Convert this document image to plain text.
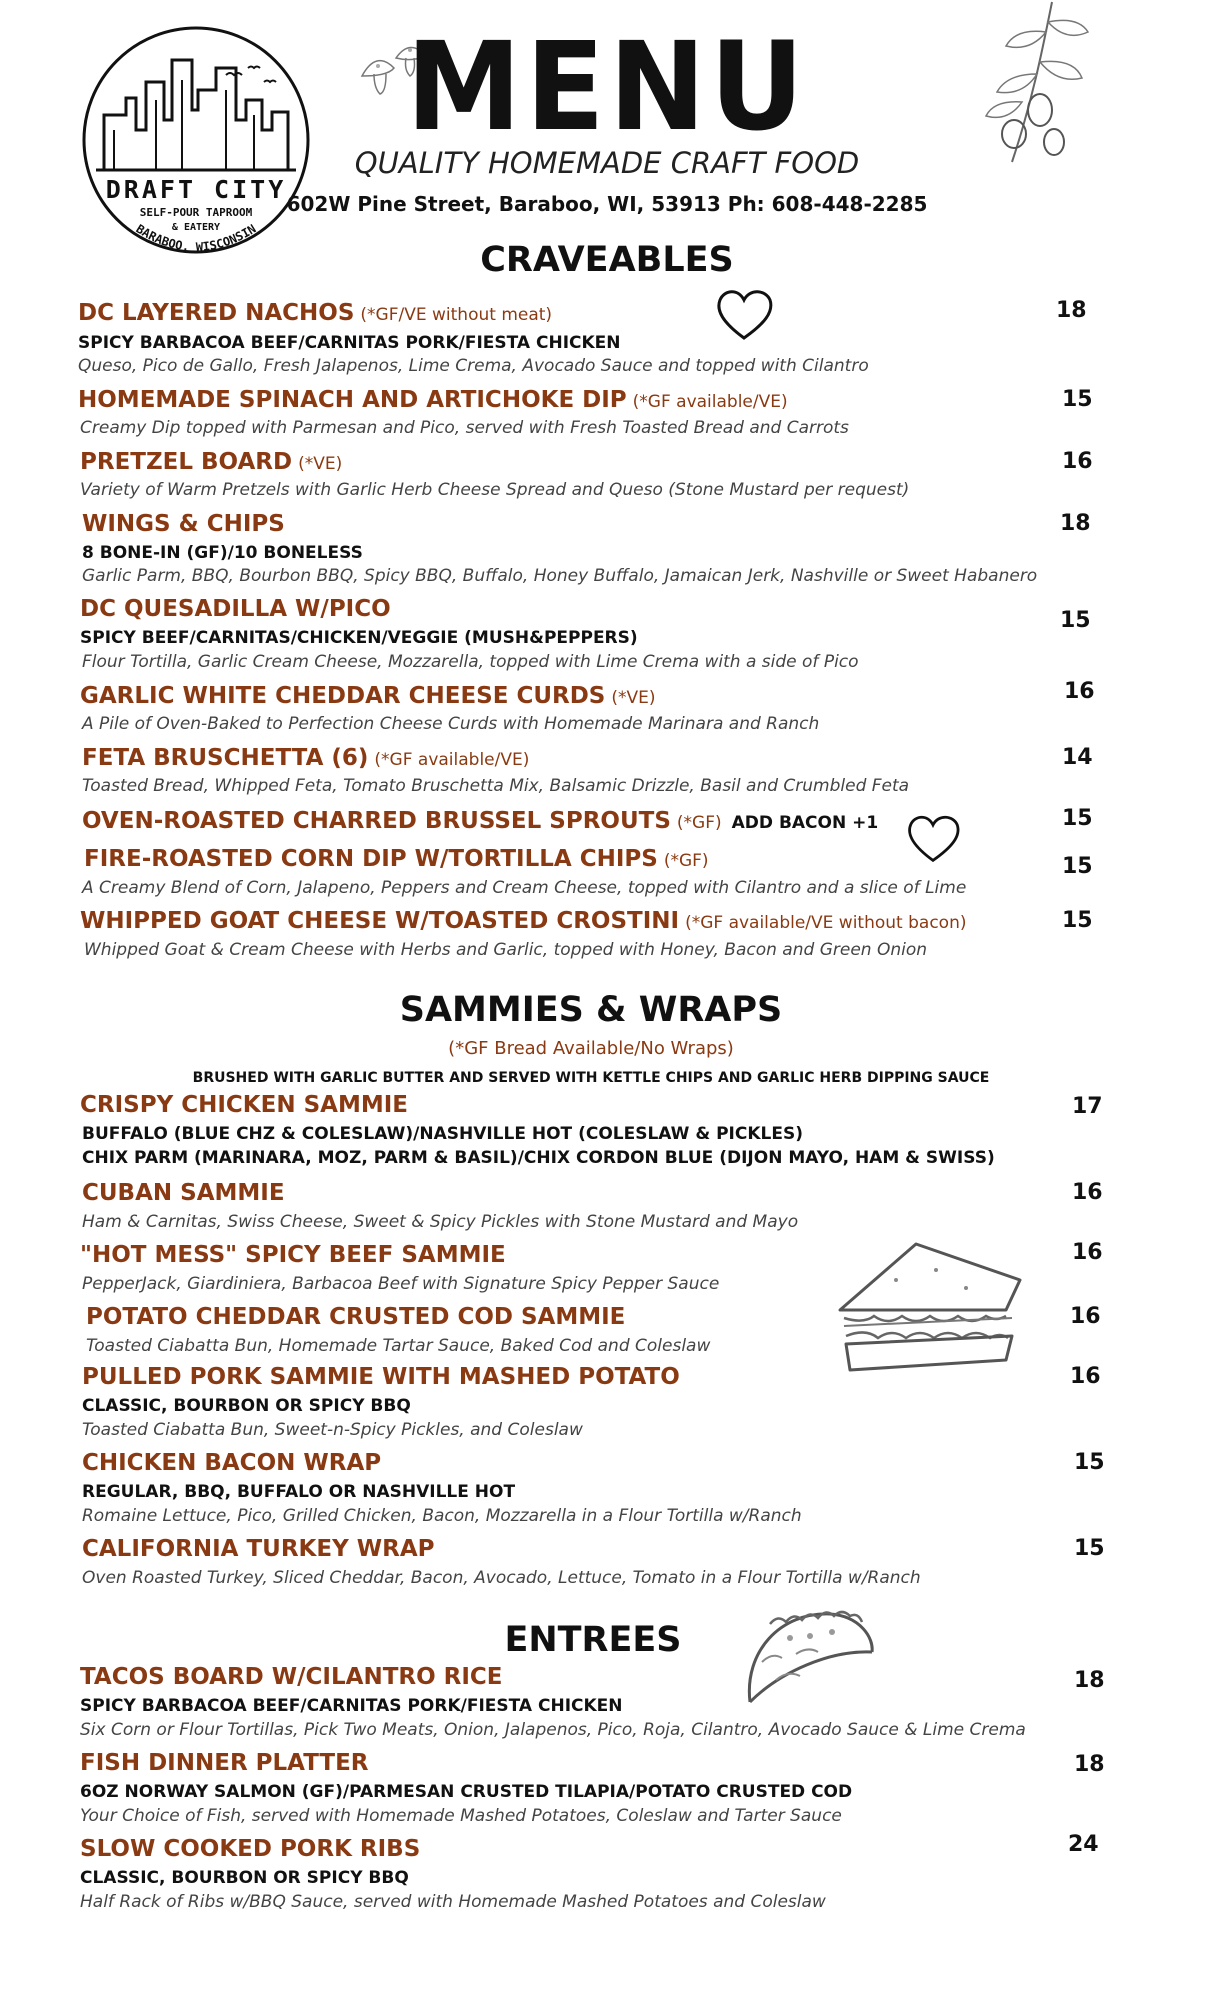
DRAFT CITY
SELF-POUR TAPROOM
& EATERY
BARABOO, WISCONSIN
MENU
QUALITY HOMEMADE CRAFT FOOD
602W Pine Street, Baraboo, WI, 53913 Ph: 608-448-2285
CRAVEABLES
DC LAYERED NACHOS (*GF/VE without meat)	18
SPICY BARBACOA BEEF/CARNITAS PORK/FIESTA CHICKEN
Queso, Pico de Gallo, Fresh Jalapenos, Lime Crema, Avocado Sauce and topped with Cilantro
HOMEMADE SPINACH AND ARTICHOKE DIP (*GF available/VE)	15
Creamy Dip topped with Parmesan and Pico, served with Fresh Toasted Bread and Carrots
PRETZEL BOARD (*VE)	16
Variety of Warm Pretzels with Garlic Herb Cheese Spread and Queso (Stone Mustard per request)
WINGS & CHIPS	18
8 BONE-IN (GF)/10 BONELESS
Garlic Parm, BBQ, Bourbon BBQ, Spicy BBQ, Buffalo, Honey Buffalo, Jamaican Jerk, Nashville or Sweet Habanero
DC QUESADILLA W/PICO	15
SPICY BEEF/CARNITAS/CHICKEN/VEGGIE (MUSH&PEPPERS)
Flour Tortilla, Garlic Cream Cheese, Mozzarella, topped with Lime Crema with a side of Pico
GARLIC WHITE CHEDDAR CHEESE CURDS (*VE)	16
A Pile of Oven-Baked to Perfection Cheese Curds with Homemade Marinara and Ranch
FETA BRUSCHETTA (6) (*GF available/VE)	14
Toasted Bread, Whipped Feta, Tomato Bruschetta Mix, Balsamic Drizzle, Basil and Crumbled Feta
OVEN-ROASTED CHARRED BRUSSEL SPROUTS (*GF) ADD BACON +1	15
FIRE-ROASTED CORN DIP W/TORTILLA CHIPS (*GF)	15
A Creamy Blend of Corn, Jalapeno, Peppers and Cream Cheese, topped with Cilantro and a slice of Lime
WHIPPED GOAT CHEESE W/TOASTED CROSTINI (*GF available/VE without bacon)	15
Whipped Goat & Cream Cheese with Herbs and Garlic, topped with Honey, Bacon and Green Onion
SAMMIES & WRAPS
(*GF Bread Available/No Wraps)
BRUSHED WITH GARLIC BUTTER AND SERVED WITH KETTLE CHIPS AND GARLIC HERB DIPPING SAUCE
CRISPY CHICKEN SAMMIE	17
BUFFALO (BLUE CHZ & COLESLAW)/NASHVILLE HOT (COLESLAW & PICKLES)
CHIX PARM (MARINARA, MOZ, PARM & BASIL)/CHIX CORDON BLUE (DIJON MAYO, HAM & SWISS)
CUBAN SAMMIE	16
Ham & Carnitas, Swiss Cheese, Sweet & Spicy Pickles with Stone Mustard and Mayo
"HOT MESS" SPICY BEEF SAMMIE	16
PepperJack, Giardiniera, Barbacoa Beef with Signature Spicy Pepper Sauce
POTATO CHEDDAR CRUSTED COD SAMMIE	16
Toasted Ciabatta Bun, Homemade Tartar Sauce, Baked Cod and Coleslaw
PULLED PORK SAMMIE WITH MASHED POTATO	16
CLASSIC, BOURBON OR SPICY BBQ
Toasted Ciabatta Bun, Sweet-n-Spicy Pickles, and Coleslaw
CHICKEN BACON WRAP	15
REGULAR, BBQ, BUFFALO OR NASHVILLE HOT
Romaine Lettuce, Pico, Grilled Chicken, Bacon, Mozzarella in a Flour Tortilla w/Ranch
CALIFORNIA TURKEY WRAP	15
Oven Roasted Turkey, Sliced Cheddar, Bacon, Avocado, Lettuce, Tomato in a Flour Tortilla w/Ranch
ENTREES
TACOS BOARD W/CILANTRO RICE	18
SPICY BARBACOA BEEF/CARNITAS PORK/FIESTA CHICKEN
Six Corn or Flour Tortillas, Pick Two Meats, Onion, Jalapenos, Pico, Roja, Cilantro, Avocado Sauce & Lime Crema
FISH DINNER PLATTER	18
6OZ NORWAY SALMON (GF)/PARMESAN CRUSTED TILAPIA/POTATO CRUSTED COD
Your Choice of Fish, served with Homemade Mashed Potatoes, Coleslaw and Tarter Sauce
SLOW COOKED PORK RIBS	24
CLASSIC, BOURBON OR SPICY BBQ
Half Rack of Ribs w/BBQ Sauce, served with Homemade Mashed Potatoes and Coleslaw
